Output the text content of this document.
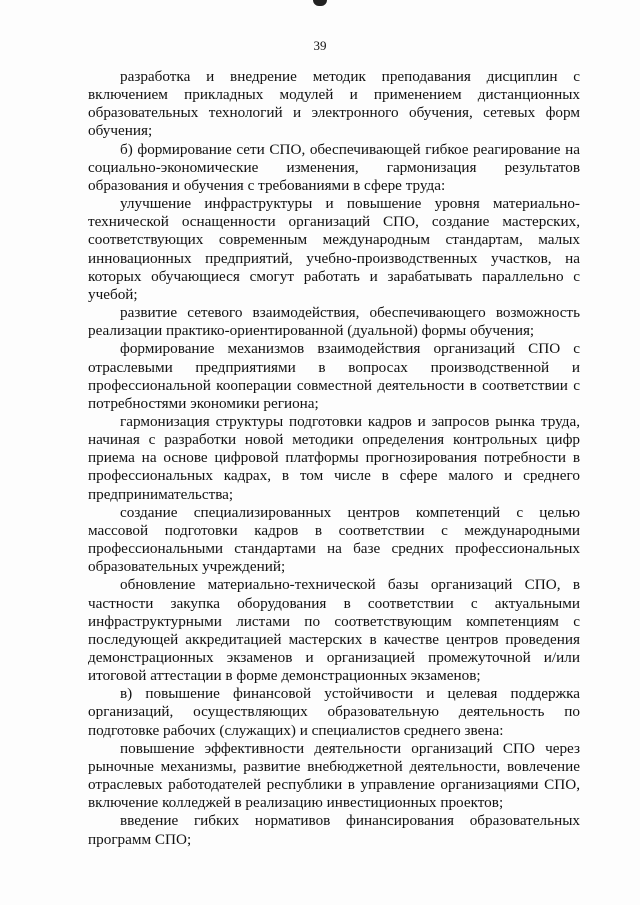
39

разработка и внедрение методик преподавания дисциплин с включением прикладных модулей и применением дистанционных образовательных технологий и электронного обучения, сетевых форм обучения;

б) формирование сети СПО, обеспечивающей гибкое реагирование на социально-экономические изменения, гармонизация результатов образования и обучения с требованиями в сфере труда:

улучшение инфраструктуры и повышение уровня материально-технической оснащенности организаций СПО, создание мастерских, соответствующих современным международным стандартам, малых инновационных предприятий, учебно-производственных участков, на которых обучающиеся смогут работать и зарабатывать параллельно с учебой;

развитие сетевого взаимодействия, обеспечивающего возможность реализации практико-ориентированной (дуальной) формы обучения;

формирование механизмов взаимодействия организаций СПО с отраслевыми предприятиями в вопросах производственной и профессиональной кооперации совместной деятельности в соответствии с потребностями экономики региона;

гармонизация структуры подготовки кадров и запросов рынка труда, начиная с разработки новой методики определения контрольных цифр приема на основе цифровой платформы прогнозирования потребности в профессиональных кадрах, в том числе в сфере малого и среднего предпринимательства;

создание специализированных центров компетенций с целью массовой подготовки кадров в соответствии с международными профессиональными стандартами на базе средних профессиональных образовательных учреждений;

обновление материально-технической базы организаций СПО, в частности закупка оборудования в соответствии с актуальными инфраструктурными листами по соответствующим компетенциям с последующей аккредитацией мастерских в качестве центров проведения демонстрационных экзаменов и организацией промежуточной и/или итоговой аттестации в форме демонстрационных экзаменов;

в) повышение финансовой устойчивости и целевая поддержка организаций, осуществляющих образовательную деятельность по подготовке рабочих (служащих) и специалистов среднего звена:

повышение эффективности деятельности организаций СПО через рыночные механизмы, развитие внебюджетной деятельности, вовлечение отраслевых работодателей республики в управление организациями СПО, включение колледжей в реализацию инвестиционных проектов;

введение гибких нормативов финансирования образовательных программ СПО;
